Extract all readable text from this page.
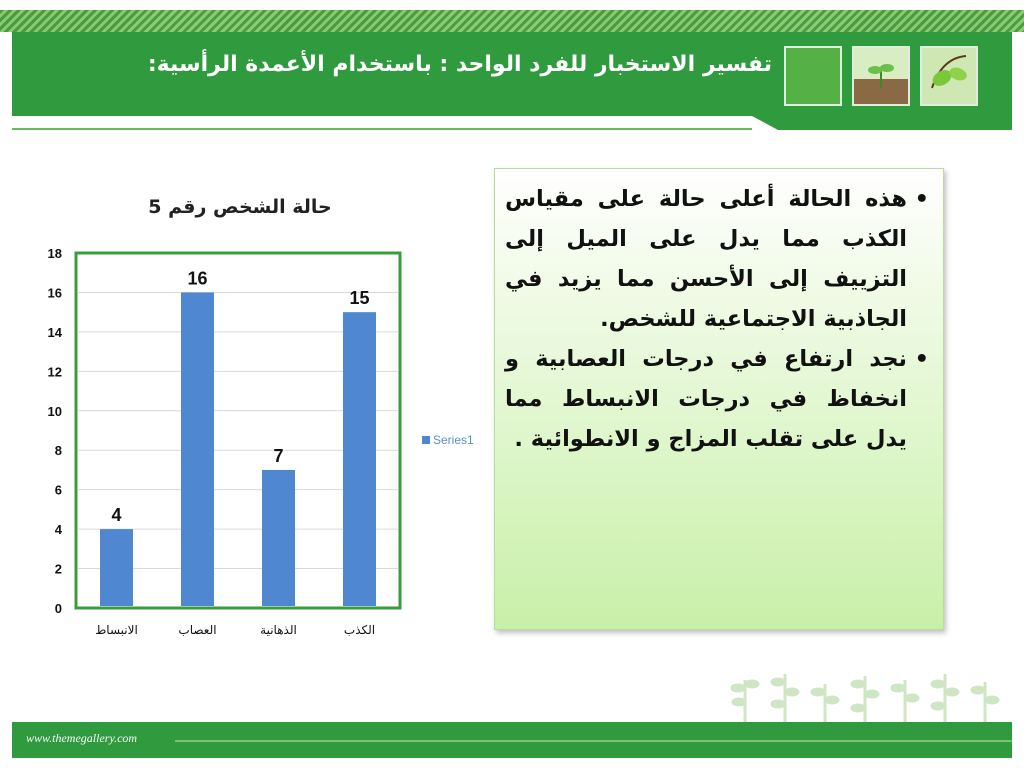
تفسير الاستخبار للفرد الواحد : باستخدام الأعمدة الرأسية:
حالة الشخص رقم 5
0
2
4
6
8
10
12
14
16
18
4
الانبساط
16
العصاب
7
الذهانية
15
الكذب
Series1
•
هذه الحالة أعلى حالة على مقياس الكذب مما يدل على الميل إلى التزييف إلى الأحسن مما يزيد في الجاذبية الاجتماعية للشخص.
•
نجد ارتفاع في درجات العصابية و انخفاظ في درجات الانبساط مما يدل على تقلب المزاج و الانطوائية .
www.themegallery.com
